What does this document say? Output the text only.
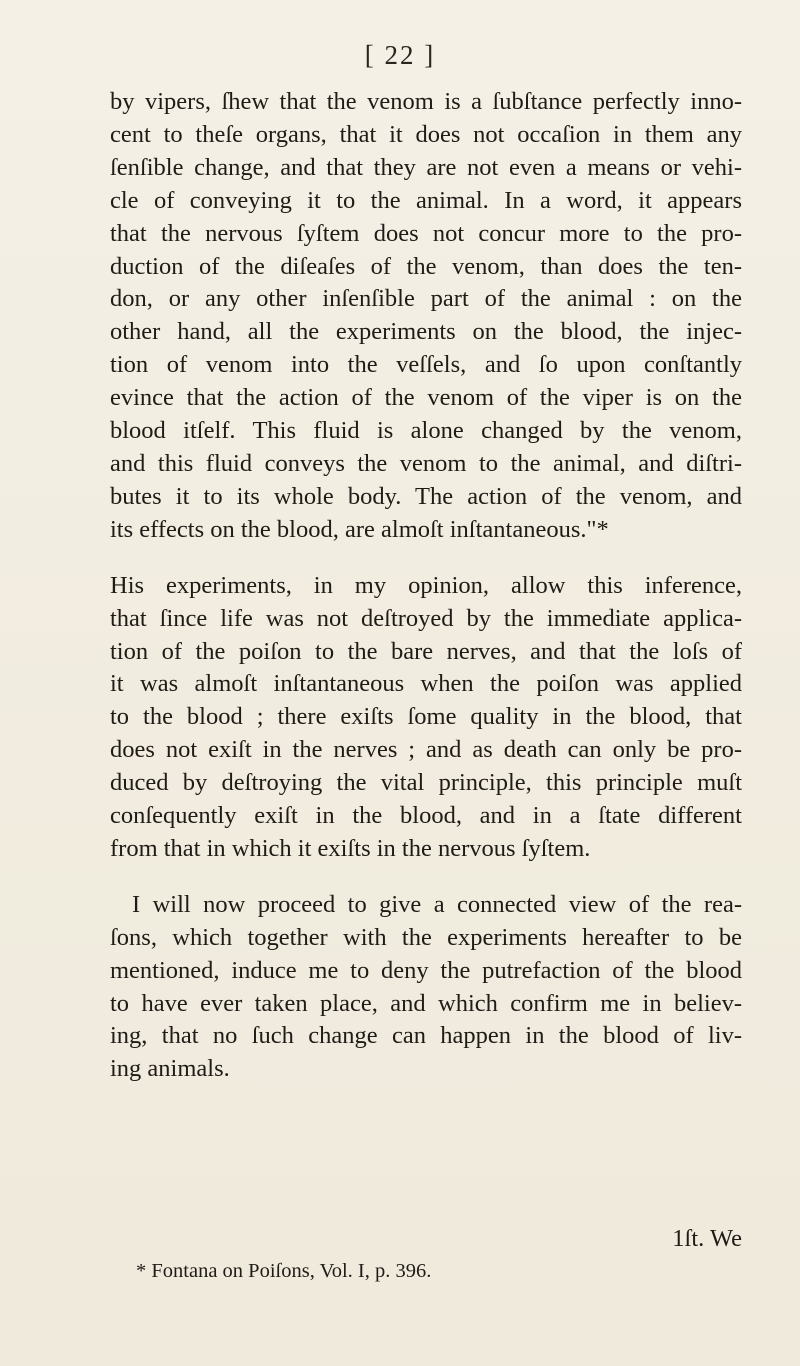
[ 22 ]

by vipers, ſhew that the venom is a ſubſtance perfectly inno-
cent to theſe organs, that it does not occaſion in them any
ſenſible change, and that they are not even a means or vehi-
cle of conveying it to the animal. In a word, it appears
that the nervous ſyſtem does not concur more to the pro-
duction of the diſeaſes of the venom, than does the ten-
don, or any other inſenſible part of the animal : on the
other hand, all the experiments on the blood, the injec-
tion of venom into the veſſels, and ſo upon conſtantly
evince that the action of the venom of the viper is on the
blood itſelf. This fluid is alone changed by the venom,
and this fluid conveys the venom to the animal, and diſtri-
butes it to its whole body. The action of the venom, and
its effects on the blood, are almoſt inſtantaneous."*

His experiments, in my opinion, allow this inference,
that ſince life was not deſtroyed by the immediate applica-
tion of the poiſon to the bare nerves, and that the loſs of
it was almoſt inſtantaneous when the poiſon was applied
to the blood ; there exiſts ſome quality in the blood, that
does not exiſt in the nerves ; and as death can only be pro-
duced by deſtroying the vital principle, this principle muſt
conſequently exiſt in the blood, and in a ſtate different
from that in which it exiſts in the nervous ſyſtem.

I will now proceed to give a connected view of the rea-
ſons, which together with the experiments hereafter to be
mentioned, induce me to deny the putrefaction of the blood
to have ever taken place, and which confirm me in believ-
ing, that no ſuch change can happen in the blood of liv-
ing animals.

1ſt. We
* Fontana on Poiſons, Vol. I, p. 396.
